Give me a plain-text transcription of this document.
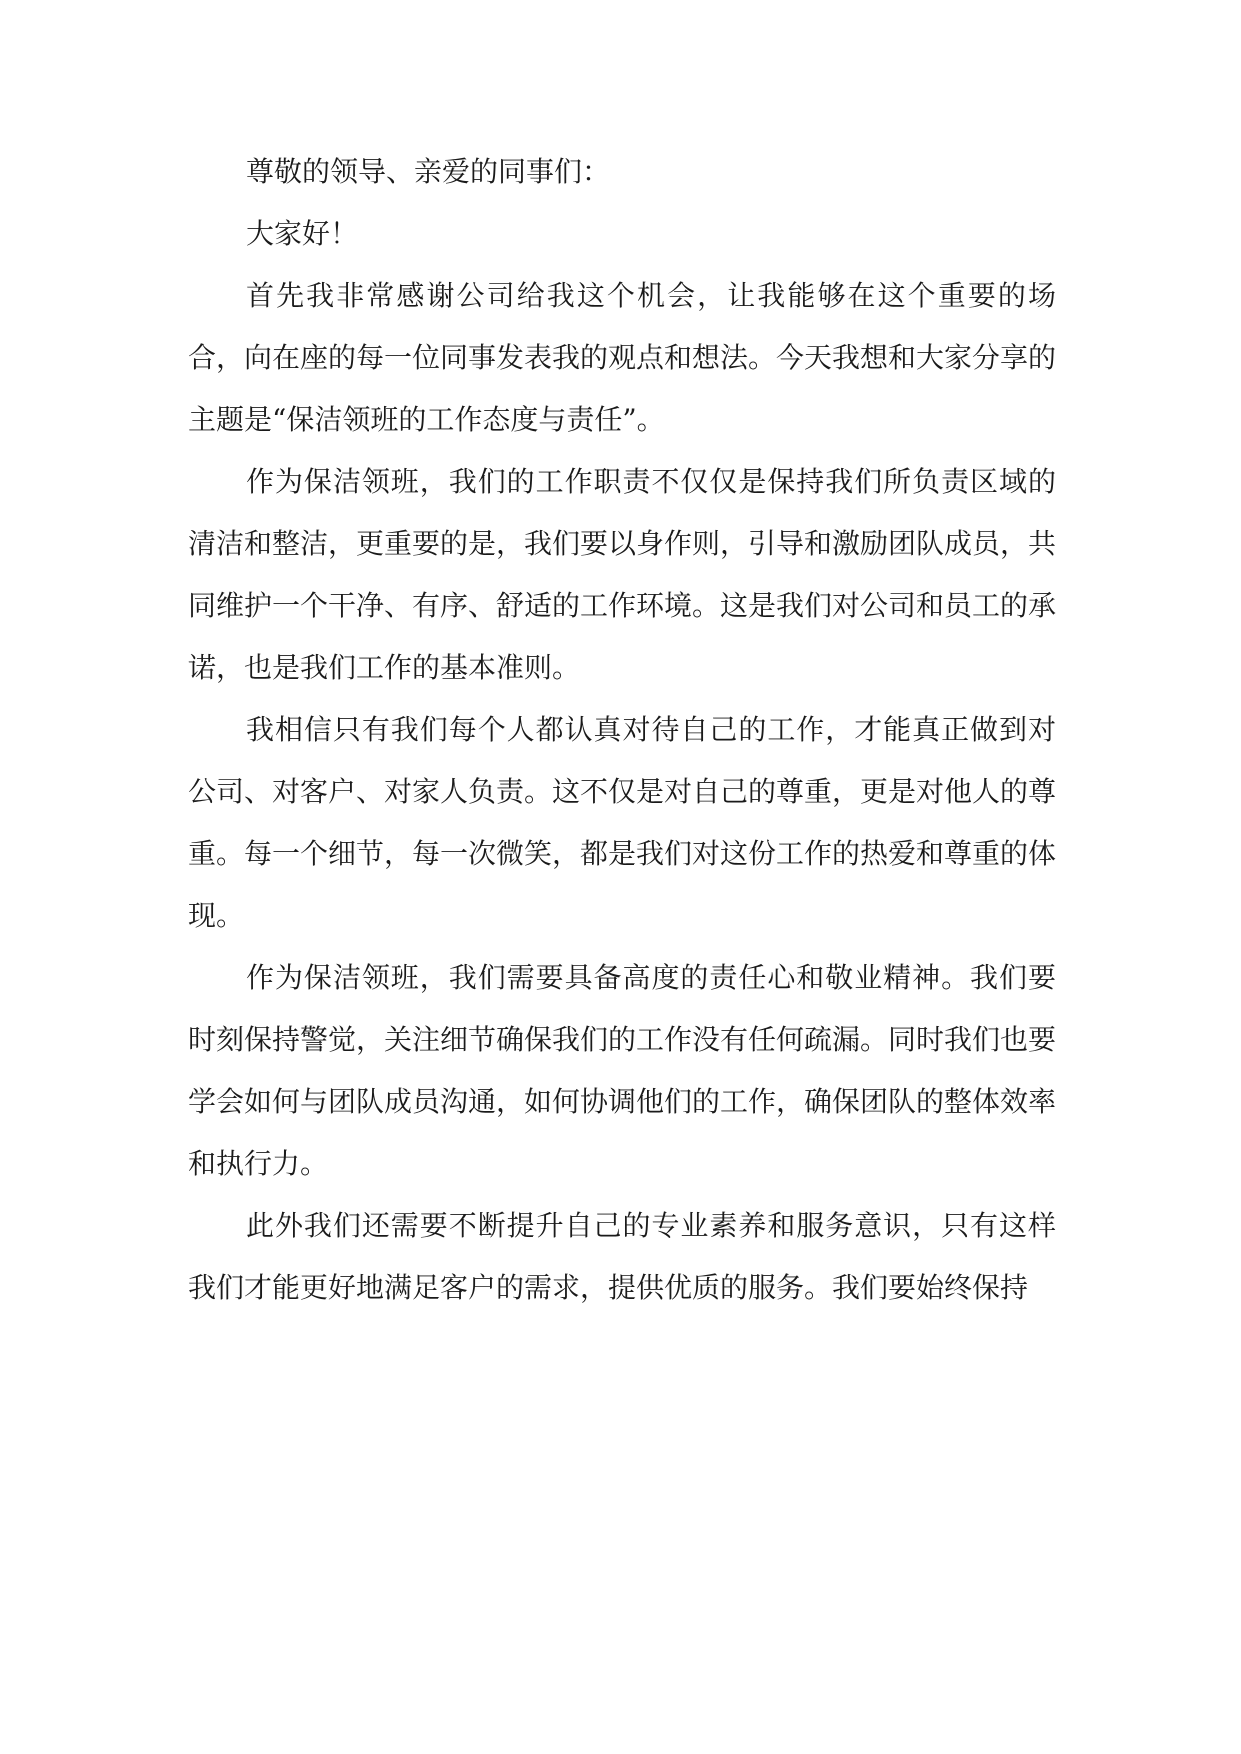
尊敬的领导、亲爱的同事们：

大家好！

首先我非常感谢公司给我这个机会，让我能够在这个重要的场合，向在座的每一位同事发表我的观点和想法。今天我想和大家分享的主题是“保洁领班的工作态度与责任”。

作为保洁领班，我们的工作职责不仅仅是保持我们所负责区域的清洁和整洁，更重要的是，我们要以身作则，引导和激励团队成员，共同维护一个干净、有序、舒适的工作环境。这是我们对公司和员工的承诺，也是我们工作的基本准则。

我相信只有我们每个人都认真对待自己的工作，才能真正做到对公司、对客户、对家人负责。这不仅是对自己的尊重，更是对他人的尊重。每一个细节，每一次微笑，都是我们对这份工作的热爱和尊重的体现。

作为保洁领班，我们需要具备高度的责任心和敬业精神。我们要时刻保持警觉，关注细节确保我们的工作没有任何疏漏。同时我们也要学会如何与团队成员沟通，如何协调他们的工作，确保团队的整体效率和执行力。

此外我们还需要不断提升自己的专业素养和服务意识，只有这样我们才能更好地满足客户的需求，提供优质的服务。我们要始终保持
